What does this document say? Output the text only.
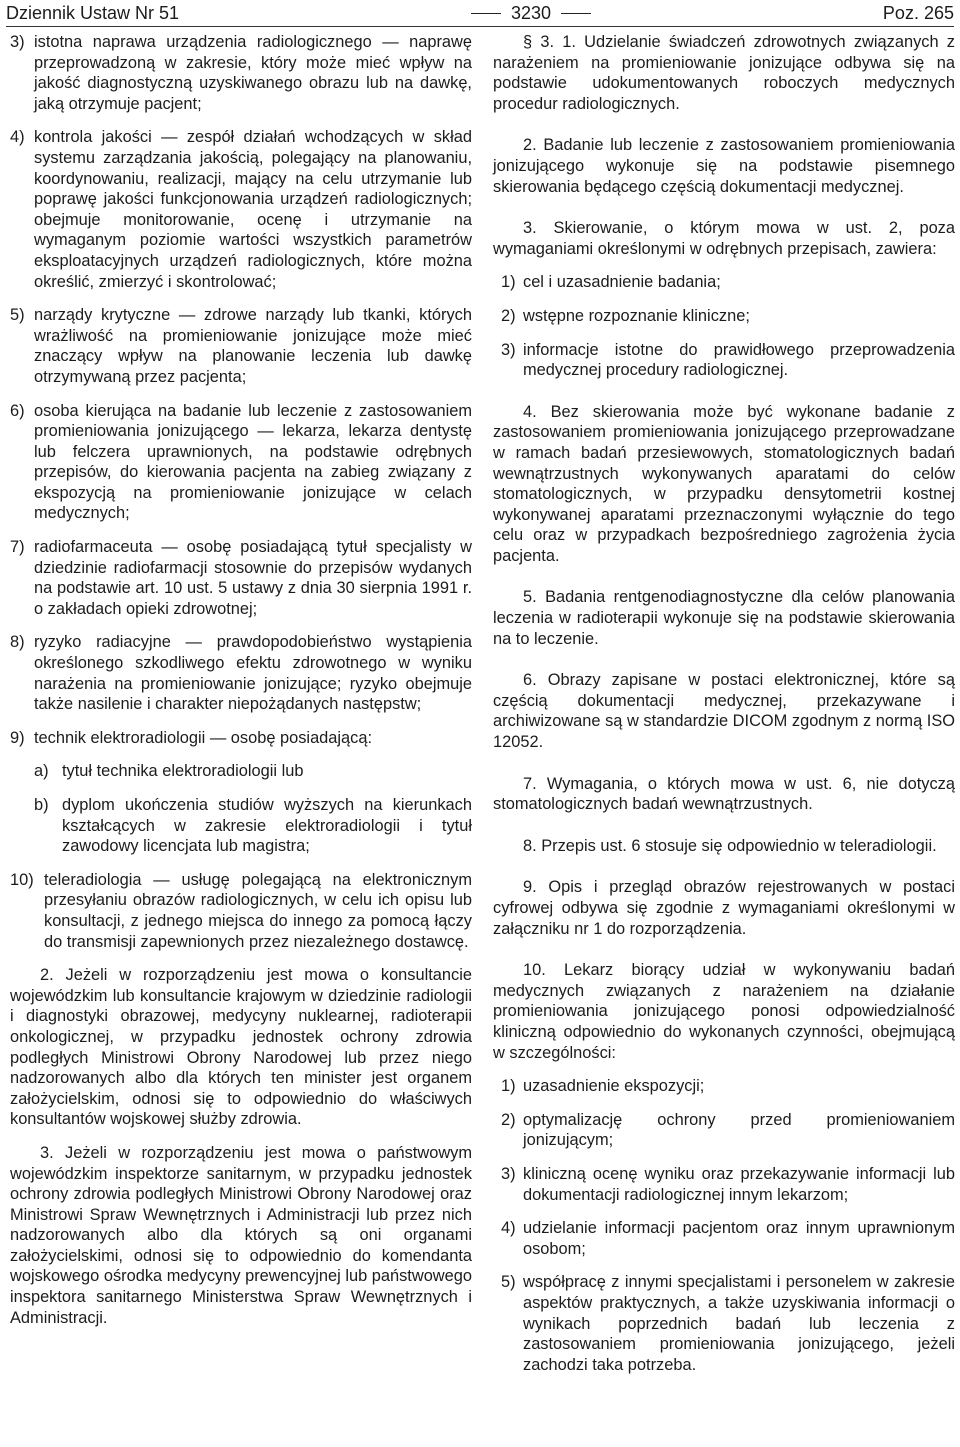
Dziennik Ustaw Nr 51	3230	Poz. 265
3) istotna naprawa urządzenia radiologicznego — naprawę przeprowadzoną w zakresie, który może mieć wpływ na jakość diagnostyczną uzyskiwanego obrazu lub na dawkę, jaką otrzymuje pacjent;
4) kontrola jakości — zespół działań wchodzących w skład systemu zarządzania jakością, polegający na planowaniu, koordynowaniu, realizacji, mający na celu utrzymanie lub poprawę jakości funkcjonowania urządzeń radiologicznych; obejmuje monitorowanie, ocenę i utrzymanie na wymaganym poziomie wartości wszystkich parametrów eksploatacyjnych urządzeń radiologicznych, które można określić, zmierzyć i skontrolować;
5) narządy krytyczne — zdrowe narządy lub tkanki, których wrażliwość na promieniowanie jonizujące może mieć znaczący wpływ na planowanie leczenia lub dawkę otrzymywaną przez pacjenta;
6) osoba kierująca na badanie lub leczenie z zastosowaniem promieniowania jonizującego — lekarza, lekarza dentystę lub felczera uprawnionych, na podstawie odrębnych przepisów, do kierowania pacjenta na zabieg związany z ekspozycją na promieniowanie jonizujące w celach medycznych;
7) radiofarmaceuta — osobę posiadającą tytuł specjalisty w dziedzinie radiofarmacji stosownie do przepisów wydanych na podstawie art. 10 ust. 5 ustawy z dnia 30 sierpnia 1991 r. o zakładach opieki zdrowotnej;
8) ryzyko radiacyjne — prawdopodobieństwo wystąpienia określonego szkodliwego efektu zdrowotnego w wyniku narażenia na promieniowanie jonizujące; ryzyko obejmuje także nasilenie i charakter niepożądanych następstw;
9) technik elektroradiologii — osobę posiadającą:
a) tytuł technika elektroradiologii lub
b) dyplom ukończenia studiów wyższych na kierunkach kształcących w zakresie elektroradiologii i tytuł zawodowy licencjata lub magistra;
10) teleradiologia — usługę polegającą na elektronicznym przesyłaniu obrazów radiologicznych, w celu ich opisu lub konsultacji, z jednego miejsca do innego za pomocą łączy do transmisji zapewnionych przez niezależnego dostawcę.

2. Jeżeli w rozporządzeniu jest mowa o konsultancie wojewódzkim lub konsultancie krajowym w dziedzinie radiologii i diagnostyki obrazowej, medycyny nuklearnej, radioterapii onkologicznej, w przypadku jednostek ochrony zdrowia podległych Ministrowi Obrony Narodowej lub przez niego nadzorowanych albo dla których ten minister jest organem założycielskim, odnosi się to odpowiednio do właściwych konsultantów wojskowej służby zdrowia.

3. Jeżeli w rozporządzeniu jest mowa o państwowym wojewódzkim inspektorze sanitarnym, w przypadku jednostek ochrony zdrowia podległych Ministrowi Obrony Narodowej oraz Ministrowi Spraw Wewnętrznych i Administracji lub przez nich nadzorowanych albo dla których są oni organami założycielskimi, odnosi się to odpowiednio do komendanta wojskowego ośrodka medycyny prewencyjnej lub państwowego inspektora sanitarnego Ministerstwa Spraw Wewnętrznych i Administracji.

§ 3. 1. Udzielanie świadczeń zdrowotnych związanych z narażeniem na promieniowanie jonizujące odbywa się na podstawie udokumentowanych roboczych medycznych procedur radiologicznych.

2. Badanie lub leczenie z zastosowaniem promieniowania jonizującego wykonuje się na podstawie pisemnego skierowania będącego częścią dokumentacji medycznej.

3. Skierowanie, o którym mowa w ust. 2, poza wymaganiami określonymi w odrębnych przepisach, zawiera:

1) cel i uzasadnienie badania;
2) wstępne rozpoznanie kliniczne;
3) informacje istotne do prawidłowego przeprowadzenia medycznej procedury radiologicznej.

4. Bez skierowania może być wykonane badanie z zastosowaniem promieniowania jonizującego przeprowadzane w ramach badań przesiewowych, stomatologicznych badań wewnątrzustnych wykonywanych aparatami do celów stomatologicznych, w przypadku densytometrii kostnej wykonywanej aparatami przeznaczonymi wyłącznie do tego celu oraz w przypadkach bezpośredniego zagrożenia życia pacjenta.

5. Badania rentgenodiagnostyczne dla celów planowania leczenia w radioterapii wykonuje się na podstawie skierowania na to leczenie.

6. Obrazy zapisane w postaci elektronicznej, które są częścią dokumentacji medycznej, przekazywane i archiwizowane są w standardzie DICOM zgodnym z normą ISO 12052.

7. Wymagania, o których mowa w ust. 6, nie dotyczą stomatologicznych badań wewnątrzustnych.

8. Przepis ust. 6 stosuje się odpowiednio w teleradiologii.

9. Opis i przegląd obrazów rejestrowanych w postaci cyfrowej odbywa się zgodnie z wymaganiami określonymi w załączniku nr 1 do rozporządzenia.

10. Lekarz biorący udział w wykonywaniu badań medycznych związanych z narażeniem na działanie promieniowania jonizującego ponosi odpowiedzialność kliniczną odpowiednio do wykonanych czynności, obejmującą w szczególności:

1) uzasadnienie ekspozycji;
2) optymalizację ochrony przed promieniowaniem jonizującym;
3) kliniczną ocenę wyniku oraz przekazywanie informacji lub dokumentacji radiologicznej innym lekarzom;
4) udzielanie informacji pacjentom oraz innym uprawnionym osobom;
5) współpracę z innymi specjalistami i personelem w zakresie aspektów praktycznych, a także uzyskiwania informacji o wynikach poprzednich badań lub leczenia z zastosowaniem promieniowania jonizującego, jeżeli zachodzi taka potrzeba.
